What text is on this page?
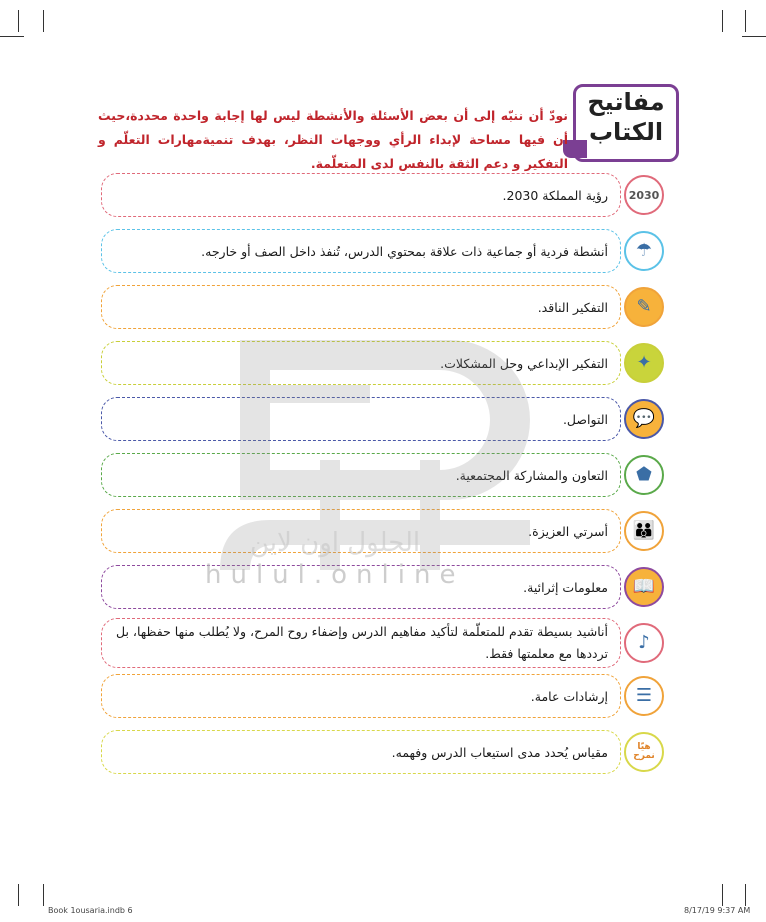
مفاتيح
الكتاب
نودّ أن ننبّه إلى أن بعض الأسئلة والأنشطة ليس لها إجابة واحدة محددة،حيث أن فيها مساحة لإبداء الرأي ووجهات النظر، بهدف تنميةمهارات التعلّم و التفكير و دعم الثقة بالنفس لدى المتعلّمة.
رؤية المملكة 2030. 2030
أنشطة فردية أو جماعية ذات علاقة بمحتوي الدرس، تُنفذ داخل الصف أو خارجه. ☂
التفكير الناقد. ✎
التفكير الإبداعي وحل المشكلات. ✦
التواصل. 💬
التعاون والمشاركة المجتمعية. ⬟
أسرتي العزيزة. 👪
معلومات إثرائية. 📖
أناشيد بسيطة تقدم للمتعلّمة لتأكيد مفاهيم الدرس وإضفاء روح المرح، ولا يُطلب منها حفظها، بل ترددها مع معلمتها فقط.
♪
إرشادات عامة. ☰
مقياس يُحدد مدى استيعاب الدرس وفهمه.	هيّا نمرح
الحلول اون لاين
hulul.online
Book 1ousaria.indb 6	8/17/19 9:37 AM
